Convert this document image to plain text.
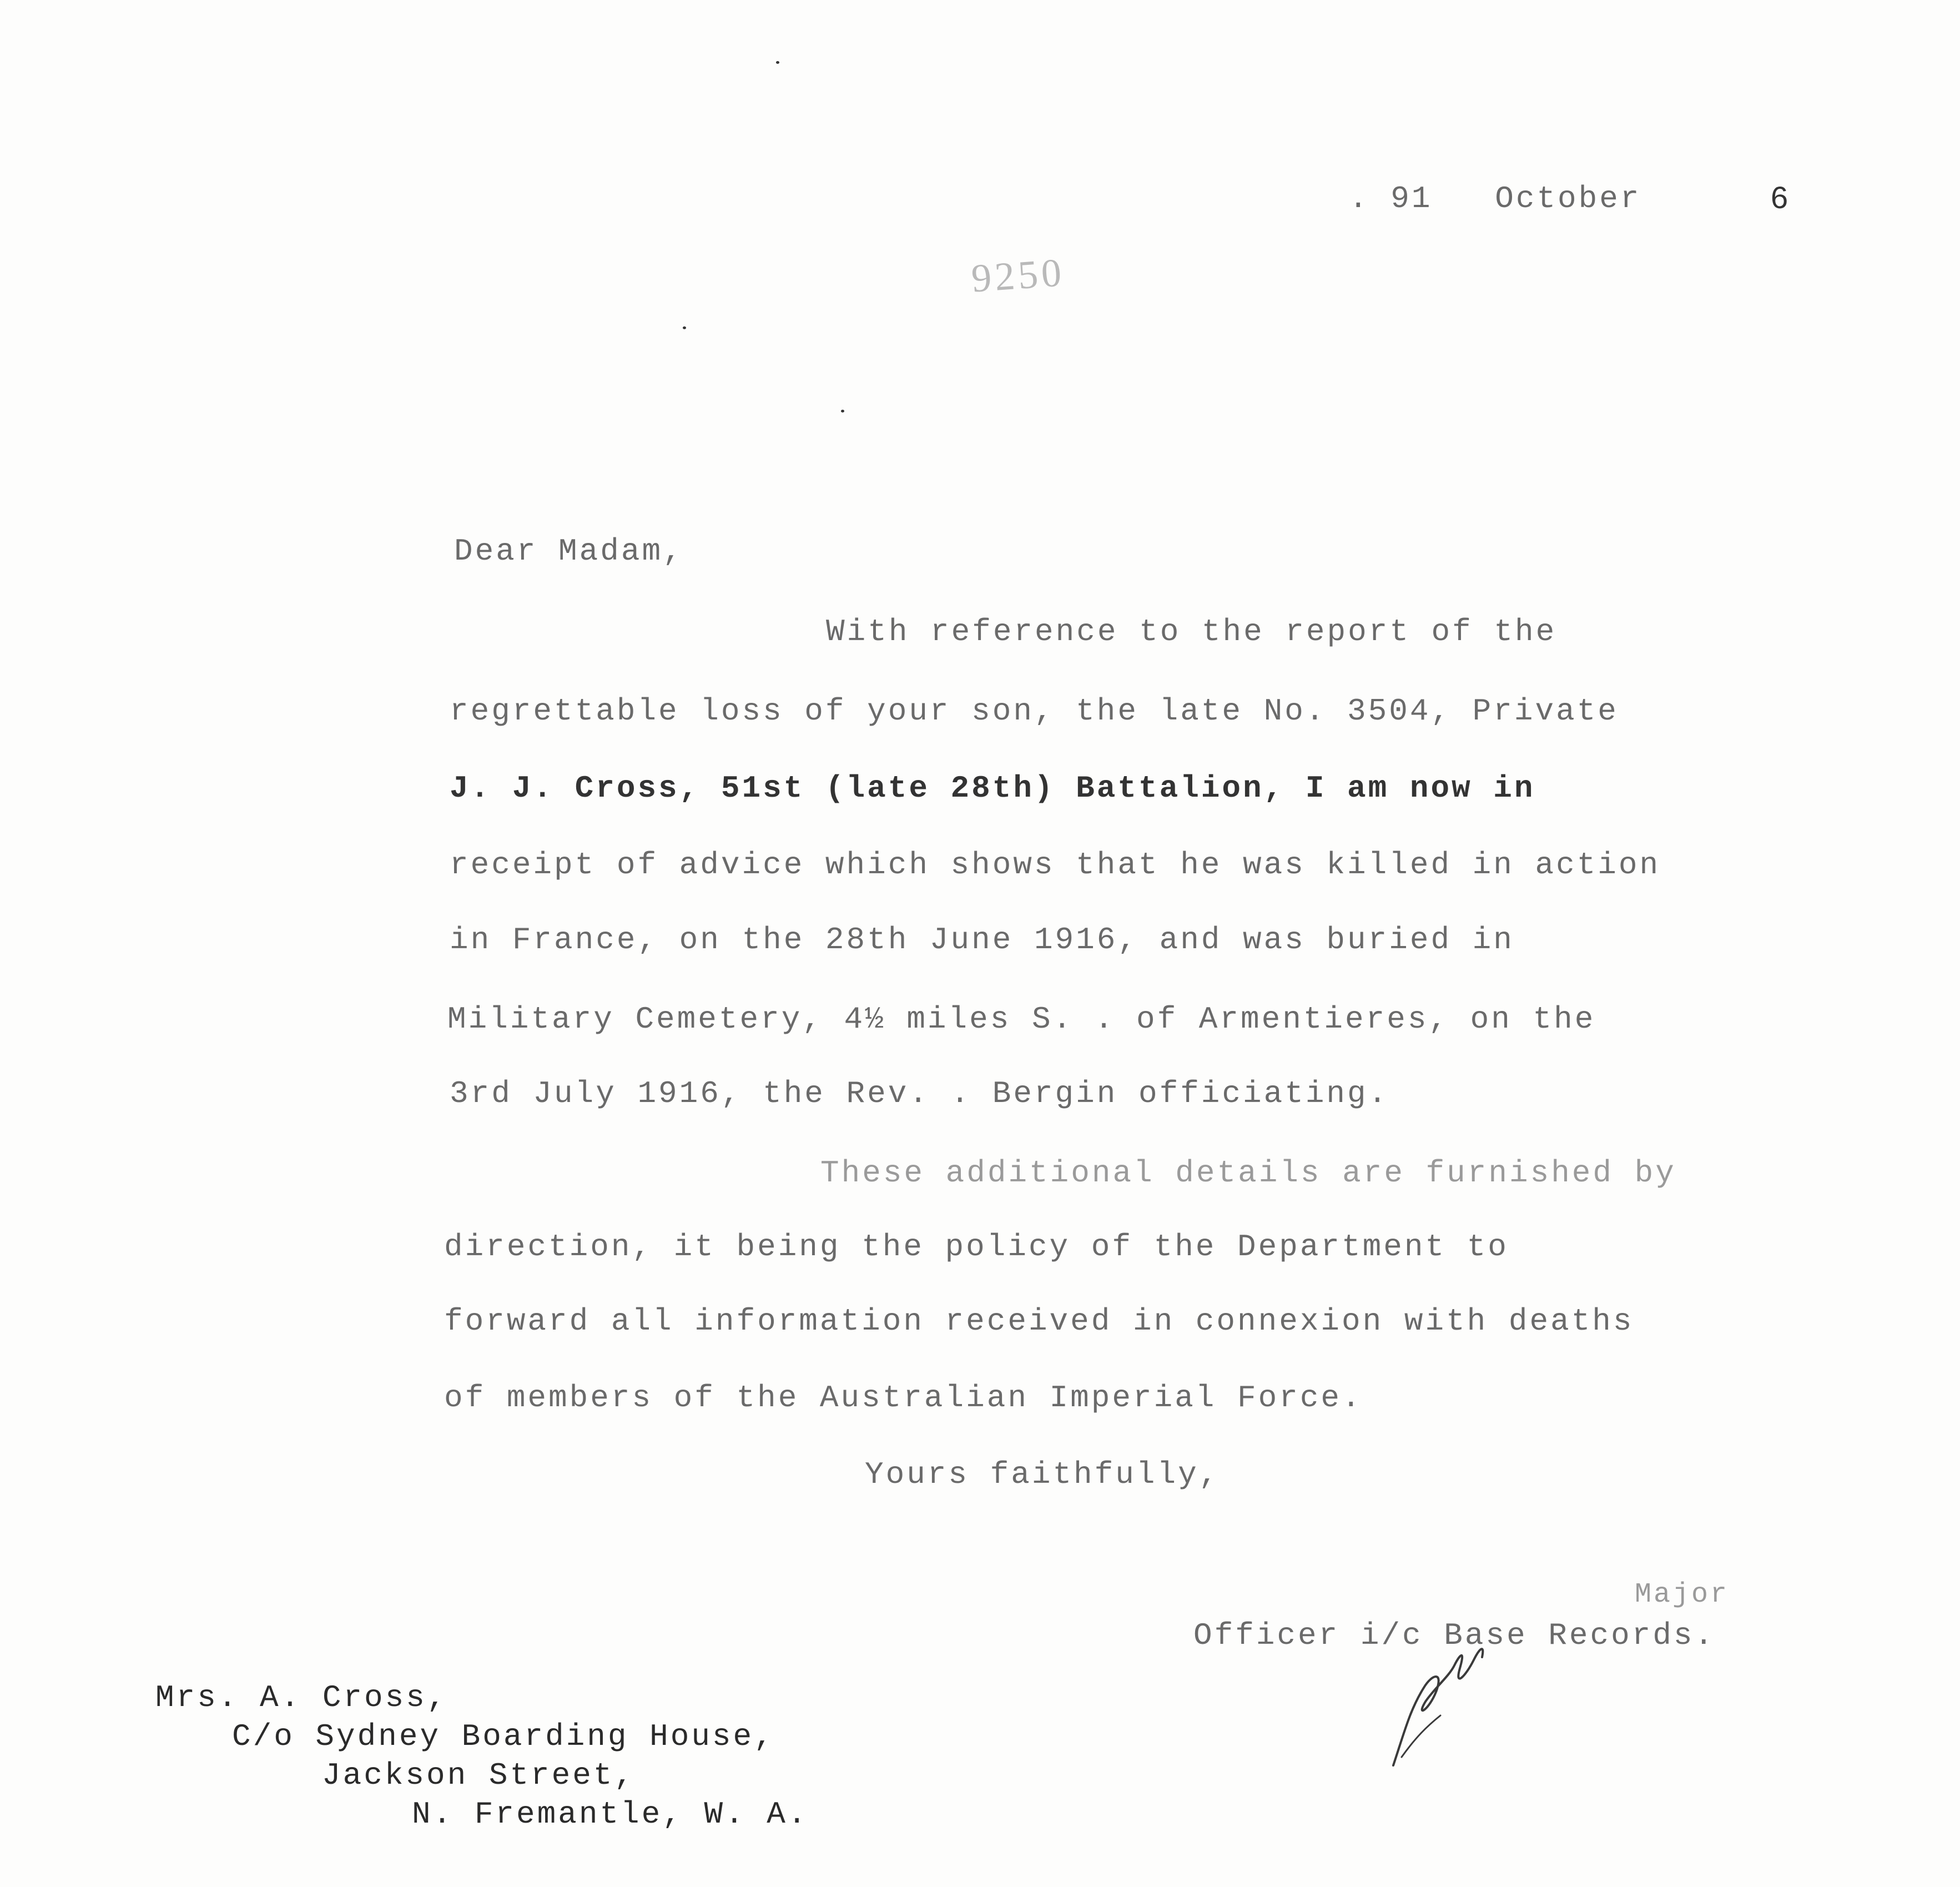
. 91   October	6
9250
Dear Madam,
With reference to the report of the
regrettable loss of your son, the late No. 3504, Private
J. J. Cross, 51st (late 28th) Battalion, I am now in
receipt of advice which shows that he was killed in action
in France, on the 28th June 1916, and was buried in
Military Cemetery, 4½ miles S. . of Armentieres, on the
3rd July 1916, the Rev. . Bergin officiating.
These additional details are furnished by
direction, it being the policy of the Department to
forward all information received in connexion with deaths
of members of the Australian Imperial Force.
Yours faithfully,
Major
Officer i/c Base Records.
Mrs. A. Cross,
C/o Sydney Boarding House,
Jackson Street,
N. Fremantle, W. A.
